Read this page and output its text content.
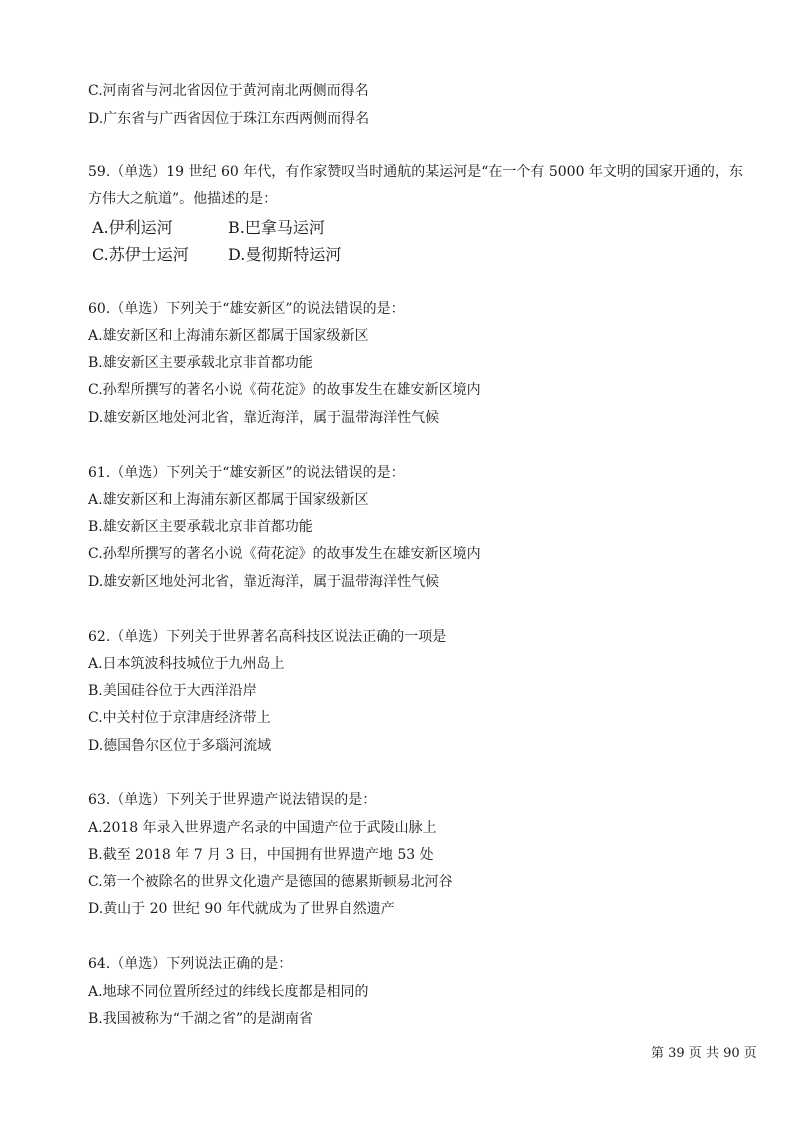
C.河南省与河北省因位于黄河南北两侧而得名
D.广东省与广西省因位于珠江东西两侧而得名
59.（单选）19 世纪 60 年代，有作家赞叹当时通航的某运河是“在一个有 5000 年文明的国家开通的，东
方伟大之航道”。他描述的是：
A.伊利运河	B.巴拿马运河
C.苏伊士运河 D.曼彻斯特运河
60.（单选）下列关于“雄安新区”的说法错误的是：
A.雄安新区和上海浦东新区都属于国家级新区
B.雄安新区主要承载北京非首都功能
C.孙犁所撰写的著名小说《荷花淀》的故事发生在雄安新区境内
D.雄安新区地处河北省，靠近海洋，属于温带海洋性气候
61.（单选）下列关于“雄安新区”的说法错误的是：
A.雄安新区和上海浦东新区都属于国家级新区
B.雄安新区主要承载北京非首都功能
C.孙犁所撰写的著名小说《荷花淀》的故事发生在雄安新区境内
D.雄安新区地处河北省，靠近海洋，属于温带海洋性气候
62.（单选）下列关于世界著名高科技区说法正确的一项是
A.日本筑波科技城位于九州岛上
B.美国硅谷位于大西洋沿岸
C.中关村位于京津唐经济带上
D.德国鲁尔区位于多瑙河流域
63.（单选）下列关于世界遗产说法错误的是：
A.2018 年录入世界遗产名录的中国遗产位于武陵山脉上
B.截至 2018 年 7 月 3 日，中国拥有世界遗产地 53 处
C.第一个被除名的世界文化遗产是德国的德累斯顿易北河谷
D.黄山于 20 世纪 90 年代就成为了世界自然遗产
64.（单选）下列说法正确的是：
A.地球不同位置所经过的纬线长度都是相同的
B.我国被称为“千湖之省”的是湖南省
第 39 页 共 90 页
